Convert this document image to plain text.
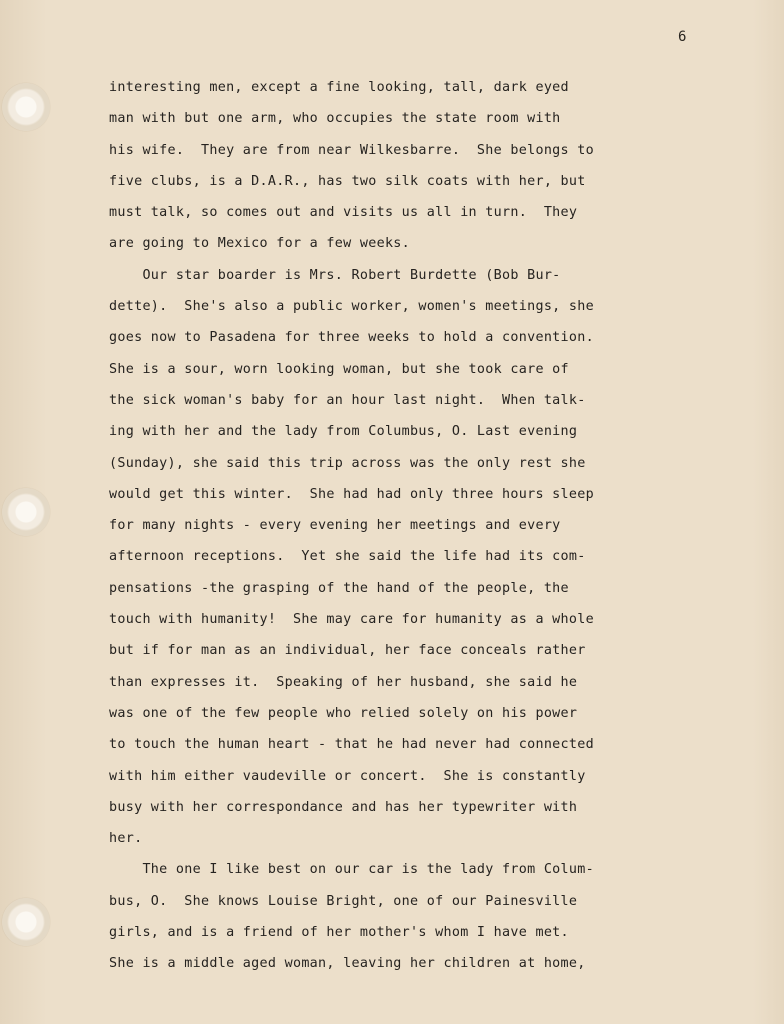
6
interesting men, except a fine looking, tall, dark eyed
man with but one arm, who occupies the state room with
his wife.  They are from near Wilkesbarre.  She belongs to
five clubs, is a D.A.R., has two silk coats with her, but
must talk, so comes out and visits us all in turn.  They
are going to Mexico for a few weeks.
Our star boarder is Mrs. Robert Burdette (Bob Bur-
dette).  She's also a public worker, women's meetings, she
goes now to Pasadena for three weeks to hold a convention.
She is a sour, worn looking woman, but she took care of
the sick woman's baby for an hour last night.  When talk-
ing with her and the lady from Columbus, O. Last evening
(Sunday), she said this trip across was the only rest she
would get this winter.  She had had only three hours sleep
for many nights - every evening her meetings and every
afternoon receptions.  Yet she said the life had its com-
pensations -the grasping of the hand of the people, the
touch with humanity!  She may care for humanity as a whole
but if for man as an individual, her face conceals rather
than expresses it.  Speaking of her husband, she said he
was one of the few people who relied solely on his power
to touch the human heart - that he had never had connected
with him either vaudeville or concert.  She is constantly
busy with her correspondance and has her typewriter with
her.
The one I like best on our car is the lady from Colum-
bus, O.  She knows Louise Bright, one of our Painesville
girls, and is a friend of her mother's whom I have met.
She is a middle aged woman, leaving her children at home,
